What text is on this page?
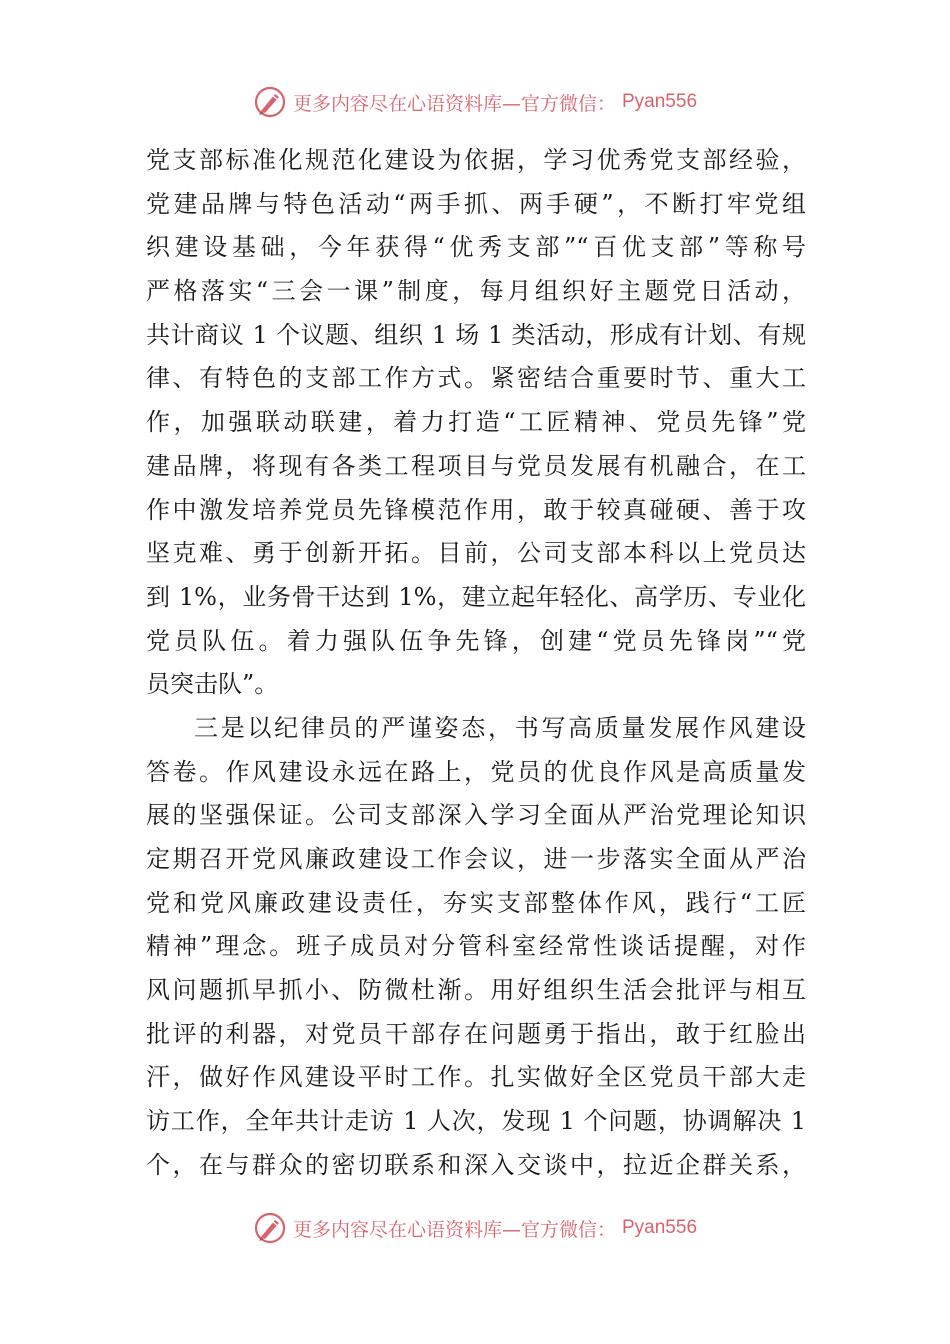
更多内容尽在心语资料库—官方微信： Pyan556
党支部标准化规范化建设为依据，学习优秀党支部经验，
党建品牌与特色活动“两手抓、两手硬”，不断打牢党组
织建设基础，今年获得“优秀支部”“百优支部”等称号
严格落实“三会一课”制度，每月组织好主题党日活动，
共计商议 1 个议题、组织 1 场 1 类活动，形成有计划、有规
律、有特色的支部工作方式。紧密结合重要时节、重大工
作，加强联动联建，着力打造“工匠精神、党员先锋”党
建品牌，将现有各类工程项目与党员发展有机融合，在工
作中激发培养党员先锋模范作用，敢于较真碰硬、善于攻
坚克难、勇于创新开拓。目前，公司支部本科以上党员达
到 1%，业务骨干达到 1%，建立起年轻化、高学历、专业化
党员队伍。着力强队伍争先锋，创建“党员先锋岗”“党
员突击队”。
三是以纪律员的严谨姿态，书写高质量发展作风建设
答卷。作风建设永远在路上，党员的优良作风是高质量发
展的坚强保证。公司支部深入学习全面从严治党理论知识
定期召开党风廉政建设工作会议，进一步落实全面从严治
党和党风廉政建设责任，夯实支部整体作风，践行“工匠
精神”理念。班子成员对分管科室经常性谈话提醒，对作
风问题抓早抓小、防微杜渐。用好组织生活会批评与相互
批评的利器，对党员干部存在问题勇于指出，敢于红脸出
汗，做好作风建设平时工作。扎实做好全区党员干部大走
访工作，全年共计走访 1 人次，发现 1 个问题，协调解决 1
个，在与群众的密切联系和深入交谈中，拉近企群关系，
更多内容尽在心语资料库—官方微信： Pyan556
